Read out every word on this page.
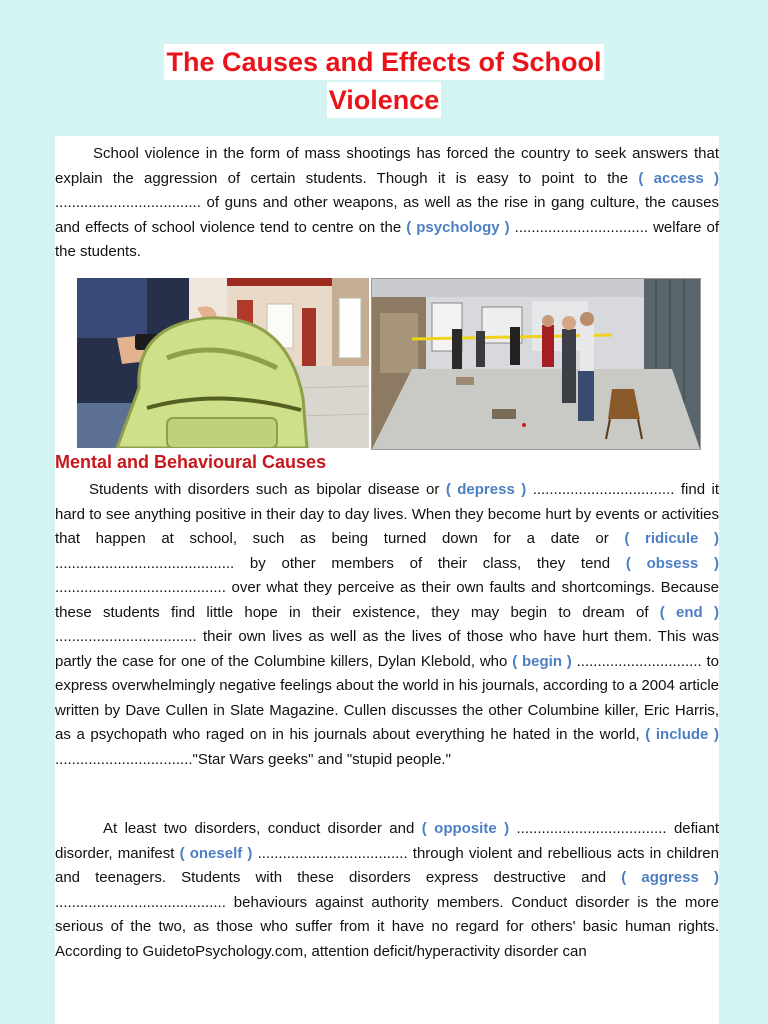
The Causes and Effects of School
Violence

School violence in the form of mass shootings has forced the country to seek answers that explain the aggression of certain students. Though it is easy to point to the ( access ) ................................... of guns and other weapons, as well as the rise in gang culture, the causes and effects of school violence tend to centre on the ( psychology ) ................................ welfare of the students.

Mental and Behavioural Causes

Students with disorders such as bipolar disease or ( depress ) .................................. find it hard to see anything positive in their day to day lives. When they become hurt by events or activities that happen at school, such as being turned down for a date or ( ridicule ) ........................................... by other members of their class, they tend ( obsess ) ......................................... over what they perceive as their own faults and shortcomings. Because these students find little hope in their existence, they may begin to dream of ( end ) .................................. their own lives as well as the lives of those who have hurt them. This was partly the case for one of the Columbine killers, Dylan Klebold, who ( begin ) .............................. to express overwhelmingly negative feelings about the world in his journals, according to a 2004 article written by Dave Cullen in Slate Magazine. Cullen discusses the other Columbine killer, Eric Harris, as a psychopath who raged on in his journals about everything he hated in the world, ( include ) ................................."Star Wars geeks" and "stupid people."

At least two disorders, conduct disorder and ( opposite ) .................................... defiant disorder, manifest ( oneself ) .................................... through violent and rebellious acts in children and teenagers. Students with these disorders express destructive and ( aggress ) ......................................... behaviours against authority members. Conduct disorder is the more serious of the two, as those who suffer from it have no regard for others' basic human rights. According to GuidetoPsychology.com, attention deficit/hyperactivity disorder can
